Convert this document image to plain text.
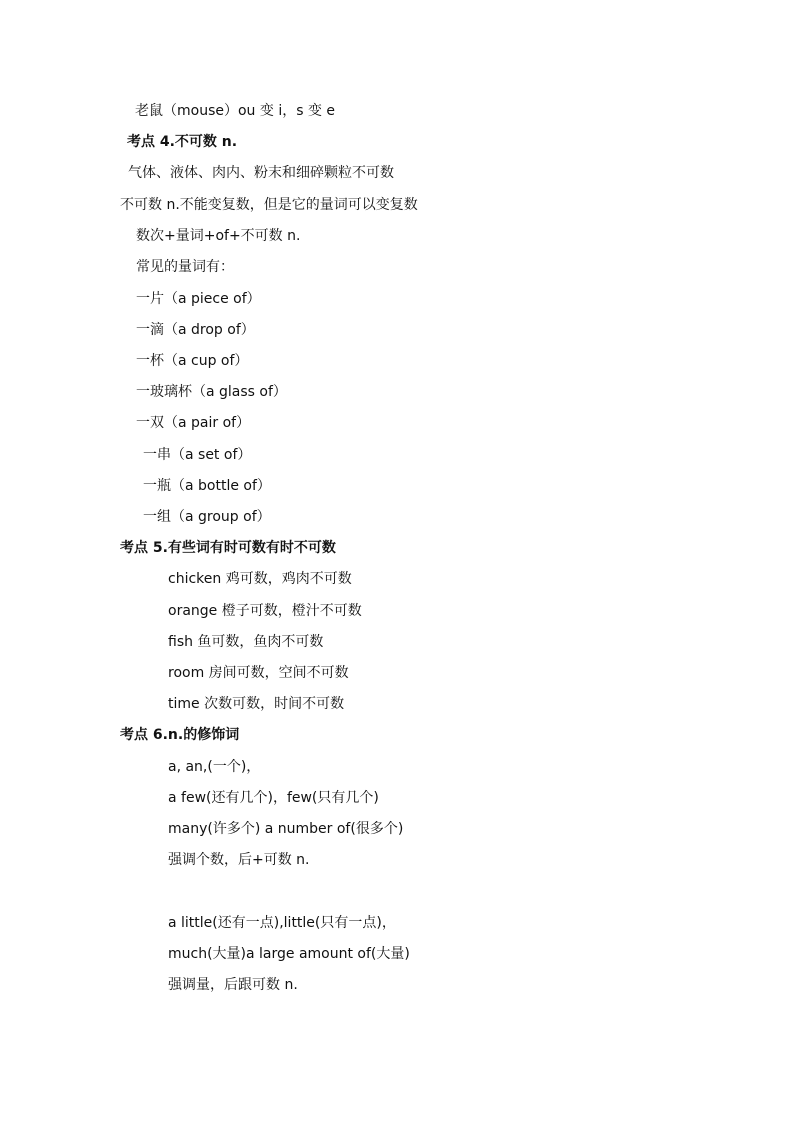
老鼠（mouse）ou 变 i，s 变 e
考点 4.不可数 n.
气体、液体、肉内、粉末和细碎颗粒不可数
不可数 n.不能变复数，但是它的量词可以变复数
数次+量词+of+不可数 n.
常见的量词有：
一片（a piece of）
一滴（a drop of）
一杯（a cup of）
一玻璃杯（a glass of）
一双（a pair of）
一串（a set of）
一瓶（a bottle of）
一组（a group of）
考点 5.有些词有时可数有时不可数
chicken 鸡可数，鸡肉不可数
orange 橙子可数，橙汁不可数
fish 鱼可数，鱼肉不可数
room 房间可数，空间不可数
time 次数可数，时间不可数
考点 6.n.的修饰词
a, an,(一个)，
a few(还有几个)，few(只有几个)
many(许多个) a number of(很多个)
强调个数，后+可数 n.
a little(还有一点),little(只有一点)，
much(大量)a large amount of(大量)
强调量，后跟可数 n.
